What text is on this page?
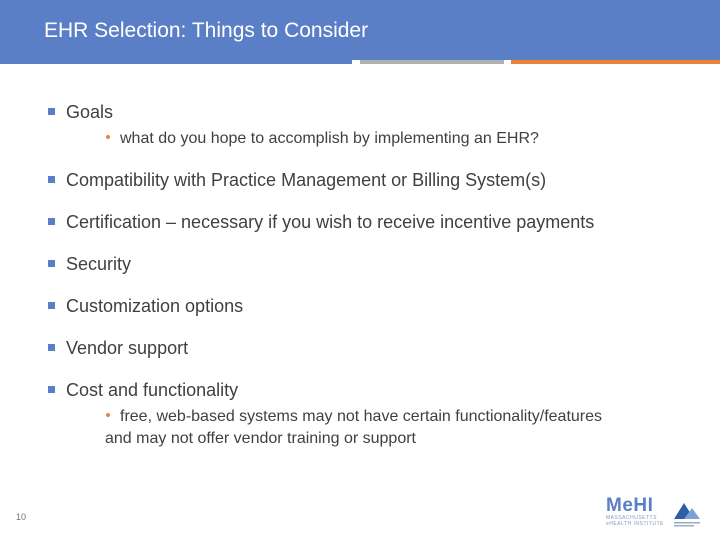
EHR Selection: Things to Consider
Goals
what do you hope to accomplish by implementing an EHR?
Compatibility with Practice Management or Billing System(s)
Certification – necessary if you wish to receive incentive payments
Security
Customization options
Vendor support
Cost and functionality
free, web-based systems may not have certain functionality/features
and may not offer vendor training or support
10
MeHI
MASSACHUSETTS
eHEALTH INSTITUTE
